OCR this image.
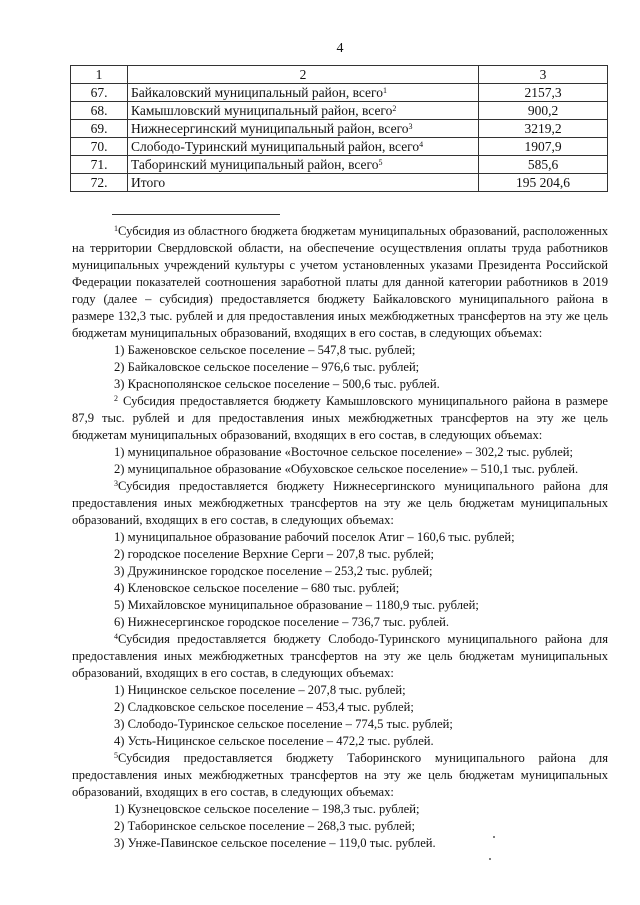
4
1	2	3
67.	Байкаловский муниципальный район, всего$^1$	2157,3
68.	Камышловский муниципальный район, всего$^2$	900,2
69.	Нижнесергинский муниципальный район, всего$^3$	3219,2
70.	Слободо-Туринский муниципальный район, всего$^4$	1907,9
71.	Таборинский муниципальный район, всего$^5$	585,6
72.	Итого	195 204,6

$^1$Субсидия из областного бюджета бюджетам муниципальных образований, расположенных на территории Свердловской области, на обеспечение осуществления оплаты труда работников муниципальных учреждений культуры с учетом установленных указами Президента Российской Федерации показателей соотношения заработной платы для данной категории работников в 2019 году (далее – субсидия) предоставляется бюджету Байкаловского муниципального района в размере 132,3 тыс. рублей и для предоставления иных межбюджетных трансфертов на эту же цель бюджетам муниципальных образований, входящих в его состав, в следующих объемах:

1) Баженовское сельское поселение – 547,8 тыс. рублей;

2) Байкаловское сельское поселение – 976,6 тыс. рублей;

3) Краснополянское сельское поселение – 500,6 тыс. рублей.

$^2$ Субсидия предоставляется бюджету Камышловского муниципального района в размере 87,9 тыс. рублей и для предоставления иных межбюджетных трансфертов на эту же цель бюджетам муниципальных образований, входящих в его состав, в следующих объемах:

1) муниципальное образование «Восточное сельское поселение» – 302,2 тыс. рублей;

2) муниципальное образование «Обуховское сельское поселение» – 510,1 тыс. рублей.

$^3$Субсидия предоставляется бюджету Нижнесергинского муниципального района для предоставления иных межбюджетных трансфертов на эту же цель бюджетам муниципальных образований, входящих в его состав, в следующих объемах:

1) муниципальное образование рабочий поселок Атиг – 160,6 тыс. рублей;

2) городское поселение Верхние Серги – 207,8 тыс. рублей;

3) Дружининское городское поселение – 253,2 тыс. рублей;

4) Кленовское сельское поселение – 680 тыс. рублей;

5) Михайловское муниципальное образование – 1180,9 тыс. рублей;

6) Нижнесергинское городское поселение – 736,7 тыс. рублей.

$^4$Субсидия предоставляется бюджету Слободо-Туринского муниципального района для предоставления иных межбюджетных трансфертов на эту же цель бюджетам муниципальных образований, входящих в его состав, в следующих объемах:

1) Ницинское сельское поселение – 207,8 тыс. рублей;

2) Сладковское сельское поселение – 453,4 тыс. рублей;

3) Слободо-Туринское сельское поселение – 774,5 тыс. рублей;

4) Усть-Ницинское сельское поселение – 472,2 тыс. рублей.

$^5$Субсидия предоставляется бюджету Таборинского муниципального района для предоставления иных межбюджетных трансфертов на эту же цель бюджетам муниципальных образований, входящих в его состав, в следующих объемах:

1) Кузнецовское сельское поселение – 198,3 тыс. рублей;

2) Таборинское сельское поселение – 268,3 тыс. рублей;

3) Унже-Павинское сельское поселение – 119,0 тыс. рублей.
